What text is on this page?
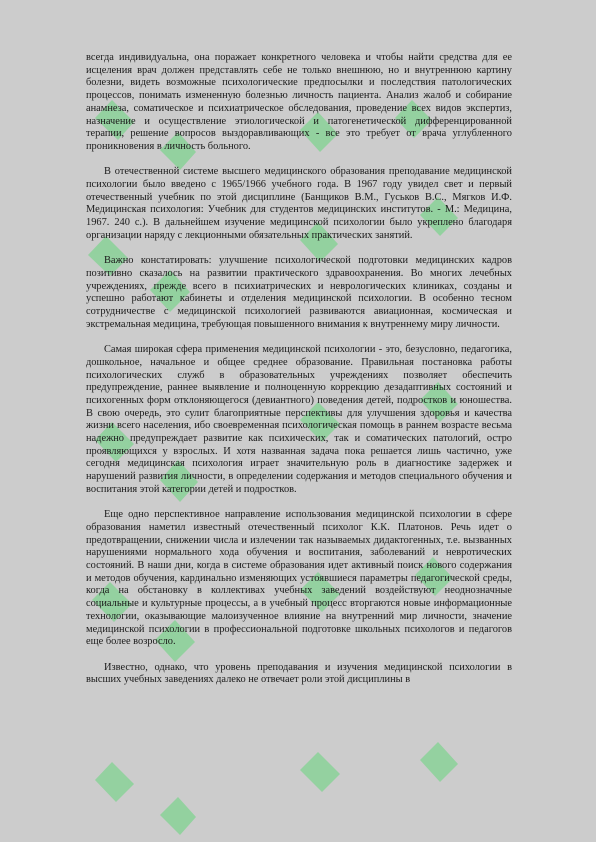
всегда индивидуальна, она поражает конкретного человека и чтобы найти средства для ее исцеления врач должен представлять себе не только внешнюю, но и внутреннюю картину болезни, видеть возможные психологические предпосылки и последствия патологических процессов, понимать измененную болезнью личность пациента. Анализ жалоб и собирание анамнеза, соматическое и психиатрическое обследования, проведение всех видов экспертиз, назначение и осуществление этиологической и патогенетической дифференцированной терапии, решение вопросов выздоравливающих - все это требует от врача углубленного проникновения в личность больного.

В отечественной системе высшего медицинского образования преподавание медицинской психологии было введено с 1965/1966 учебного года. В 1967 году увидел свет и первый отечественный учебник по этой дисциплине (Банщиков В.М., Гуськов В.С., Мягков И.Ф. Медицинская психология: Учебник для студентов медицинских институтов. - М.: Медицина, 1967. 240 с.). В дальнейшем изучение медицинской психологии было укреплено благодаря организации наряду с лекционными обязательных практических занятий.

Важно констатировать: улучшение психологической подготовки медицинских кадров позитивно сказалось на развитии практического здравоохранения. Во многих лечебных учреждениях, прежде всего в психиатрических и неврологических клиниках, созданы и успешно работают кабинеты и отделения медицинской психологии. В особенно тесном сотрудничестве с медицинской психологией развиваются авиационная, космическая и экстремальная медицина, требующая повышенного внимания к внутреннему миру личности.

Самая широкая сфера применения медицинской психологии - это, безусловно, педагогика, дошкольное, начальное и общее среднее образование. Правильная постановка работы психологических служб в образовательных учреждениях позволяет обеспечить предупреждение, раннее выявление и полноценную коррекцию дезадаптивных состояний и психогенных форм отклоняющегося (девиантного) поведения детей, подростков и юношества. В свою очередь, это сулит благоприятные перспективы для улучшения здоровья и качества жизни всего населения, ибо своевременная психологическая помощь в раннем возрасте весьма надежно предупреждает развитие как психических, так и соматических патологий, остро проявляющихся у взрослых. И хотя названная задача пока решается лишь частично, уже сегодня медицинская психология играет значительную роль в диагностике задержек и нарушений развития личности, в определении содержания и методов специального обучения и воспитания этой категории детей и подростков.

Еще одно перспективное направление использования медицинской психологии в сфере образования наметил известный отечественный психолог К.К. Платонов. Речь идет о предотвращении, снижении числа и излечении так называемых дидактогенных, т.е. вызванных нарушениями нормального хода обучения и воспитания, заболеваний и невротических состояний. В наши дни, когда в системе образования идет активный поиск нового содержания и методов обучения, кардинально изменяющих устоявшиеся параметры педагогической среды, когда на обстановку в коллективах учебных заведений воздействуют неоднозначные социальные и культурные процессы, а в учебный процесс вторгаются новые информационные технологии, оказывающие малоизученное влияние на внутренний мир личности, значение медицинской психологии в профессиональной подготовке школьных психологов и педагогов еще более возросло.

Известно, однако, что уровень преподавания и изучения медицинской психологии в высших учебных заведениях далеко не отвечает роли этой дисциплины в
